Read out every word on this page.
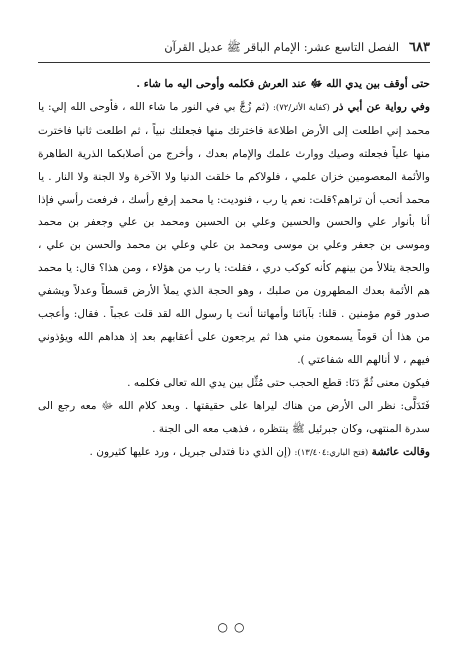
٦٨٣
الفصل التاسع عشر: الإمام الباقر ﷺ عديل القرآن

حتى أوقف بين يدي الله ﷻ عند العرش فكلمه وأوحى اليه ما شاء .

وفي رواية عن أبي ذر (كفاية الأثر/٧٢): (ثم زُجَّ بي في النور ما شاء الله ، فأوحى الله إلي: يا محمد إني اطلعت إلى الأرض اطلاعة فاخترتك منها فجعلتك نبياً ، ثم اطلعت ثانيا فاخترت منها علياً فجعلته وصيك ووارث علمك والإمام بعدك ، وأخرج من أصلابكما الذرية الطاهرة والأئمة المعصومين خزان علمي ، فلولاكم ما خلقت الدنيا ولا الآخرة ولا الجنة ولا النار . يا محمد أتحب أن تراهم؟قلت: نعم يا رب ، فنوديت: يا محمد إرفع رأسك ، فرفعت رأسي فإذا أنا بأنوار علي والحسن والحسين وعلي بن الحسين ومحمد بن علي وجعفر بن محمد وموسى بن جعفر وعلي بن موسى ومحمد بن علي وعلي بن محمد والحسن بن علي ، والحجة يتلالأ من بينهم كأنه كوكب دري ، فقلت: يا رب من هؤلاء ، ومن هذا؟ قال: يا محمد هم الأئمة بعدك المطهرون من صلبك ، وهو الحجة الذي يملأ الأرض قسطاً وعدلاً ويشفي صدور قوم مؤمنين . قلنا: بآبائنا وأمهاتنا أنت يا رسول الله لقد قلت عجباً . فقال: وأعجب من هذا أن قوماً يسمعون مني هذا ثم يرجعون على أعقابهم بعد إذ هداهم الله ويؤذوني فيهم ، لا أنالهم الله شفاعتي ).

فيكون معنى ثُمَّ دَنَا: قطع الحجب حتى مُثِّل بين يدي الله تعالى فكلمه .

فَتَدَلَّى: نظر الى الأرض من هناك ليراها على حقيقتها . وبعد كلام الله ﷻ معه رجع الى سدرة المنتهى، وكان جبرئيل ﷺ ينتظره ، فذهب معه الى الجنة .

وقالت عائشة (فتح الباري:١٣/٤٠٤): (إن الذي دنا فتدلى جبريل ، ورد عليها كثيرون .

○○
